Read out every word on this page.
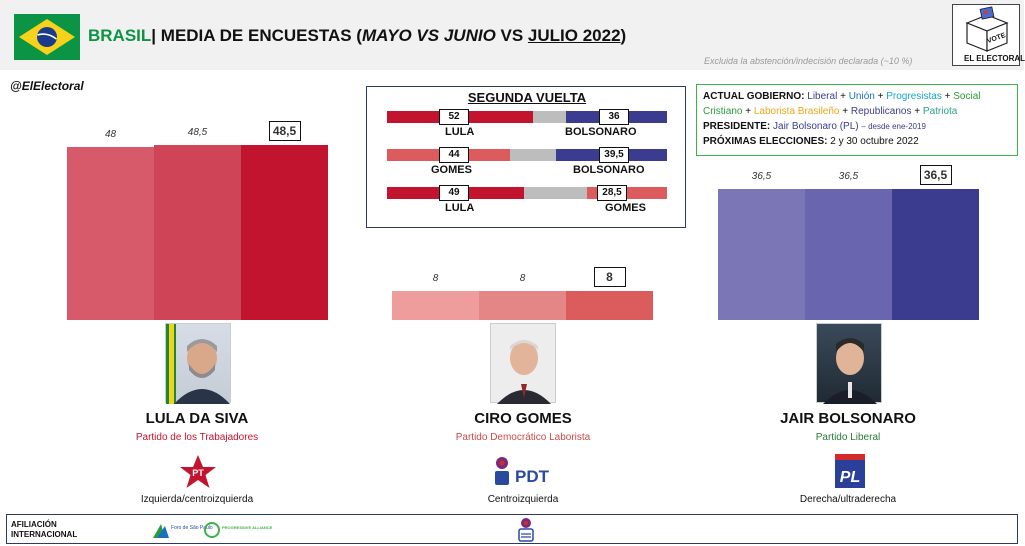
BRASIL| MEDIA DE ENCUESTAS (MAYO VS JUNIO VS JULIO 2022)
Excluida la abstención/indecisión declarada (~10 %)
VOTE
EL ELECTORAL
@ElElectoral
48	48,5	48,5
8	8	8
36,5	36,5	36,5
SEGUNDA VUELTA
52	36
LULA	BOLSONARO
44	39,5
GOMES	BOLSONARO
49	28,5
LULA	GOMES
ACTUAL GOBIERNO: Liberal + Unión + Progresistas + Social Cristiano + Laborista Brasileño + Republicanos + Patriota
PRESIDENTE: Jair Bolsonaro (PL) – desde ene-2019
PRÓXIMAS ELECCIONES: 2 y 30 octubre 2022
LULA DA SIVA
Partido de los Trabajadores
Izquierda/centroizquierda
CIRO GOMES
Partido Democrático Laborista
Centroizquierda
JAIR BOLSONARO
Partido Liberal
Derecha/ultraderecha
PT	PDT	PL
AFILIACIÓN INTERNACIONAL
Foro de São Paulo PROGRESSIVE ALLIANCE
